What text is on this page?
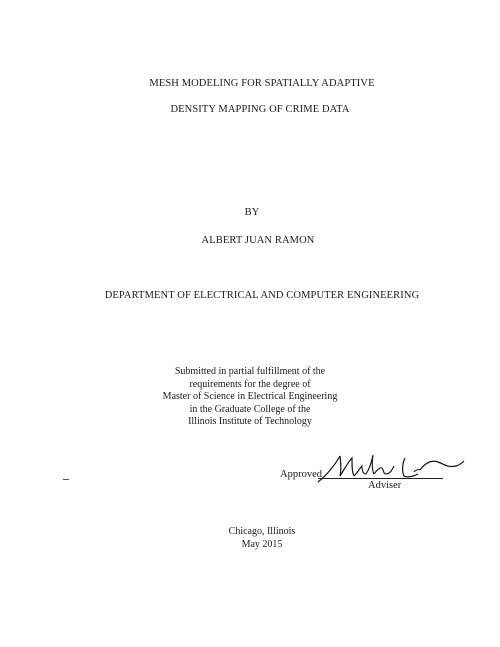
MESH MODELING FOR SPATIALLY ADAPTIVE
DENSITY MAPPING OF CRIME DATA
BY
ALBERT JUAN RAMON
DEPARTMENT OF ELECTRICAL AND COMPUTER ENGINEERING
Submitted in partial fulfillment of the
requirements for the degree of
Master of Science in Electrical Engineering
in the Graduate College of the
Illinois Institute of Technology
Approved
Adviser
Chicago, Illinois
May 2015
